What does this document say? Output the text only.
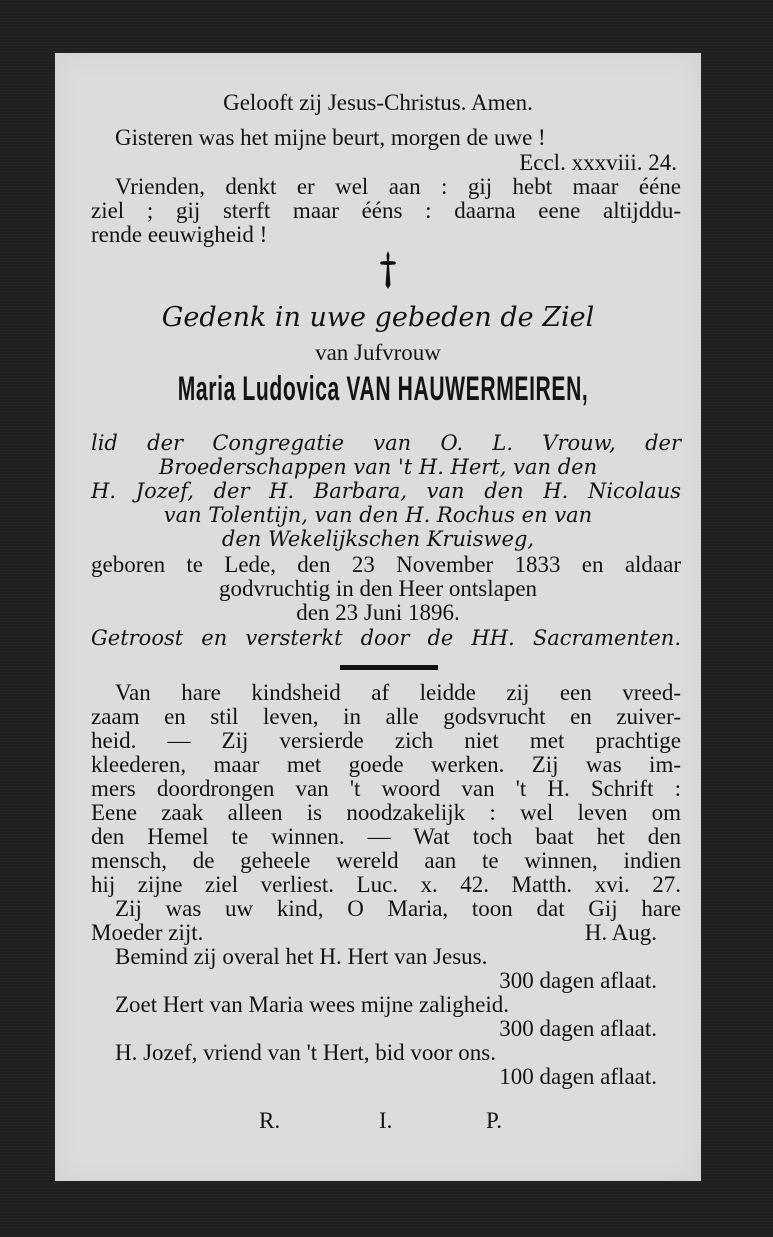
Gelooft zij Jesus-Christus. Amen.
Gisteren was het mijne beurt, morgen de uwe !
Eccl. xxxviii. 24.
Vrienden, denkt er wel aan : gij hebt maar ééne
ziel ; gij sterft maar ééns : daarna eene altijddu-
rende eeuwigheid !
Gedenk in uwe gebeden de Ziel
van Jufvrouw
Maria Ludovica VAN HAUWERMEIREN,
lid der Congregatie van O. L. Vrouw, der
Broederschappen van 't H. Hert, van den
H. Jozef, der H. Barbara, van den H. Nicolaus
van Tolentijn, van den H. Rochus en van
den Wekelijkschen Kruisweg,
geboren te Lede, den 23 November 1833 en aldaar
godvruchtig in den Heer ontslapen
den 23 Juni 1896.
Getroost en versterkt door de HH. Sacramenten.
Van hare kindsheid af leidde zij een vreed-
zaam en stil leven, in alle godsvrucht en zuiver-
heid. — Zij versierde zich niet met prachtige
kleederen, maar met goede werken. Zij was im-
mers doordrongen van 't woord van 't H. Schrift :
Eene zaak alleen is noodzakelijk : wel leven om
den Hemel te winnen. — Wat toch baat het den
mensch, de geheele wereld aan te winnen, indien
hij zijne ziel verliest. Luc. x. 42. Matth. xvi. 27.
Zij was uw kind, O Maria, toon dat Gij hare
Moeder zijt.	H. Aug.
Bemind zij overal het H. Hert van Jesus.
300 dagen aflaat.
Zoet Hert van Maria wees mijne zaligheid.
300 dagen aflaat.
H. Jozef, vriend van 't Hert, bid voor ons.
100 dagen aflaat.
R.	I.	P.
